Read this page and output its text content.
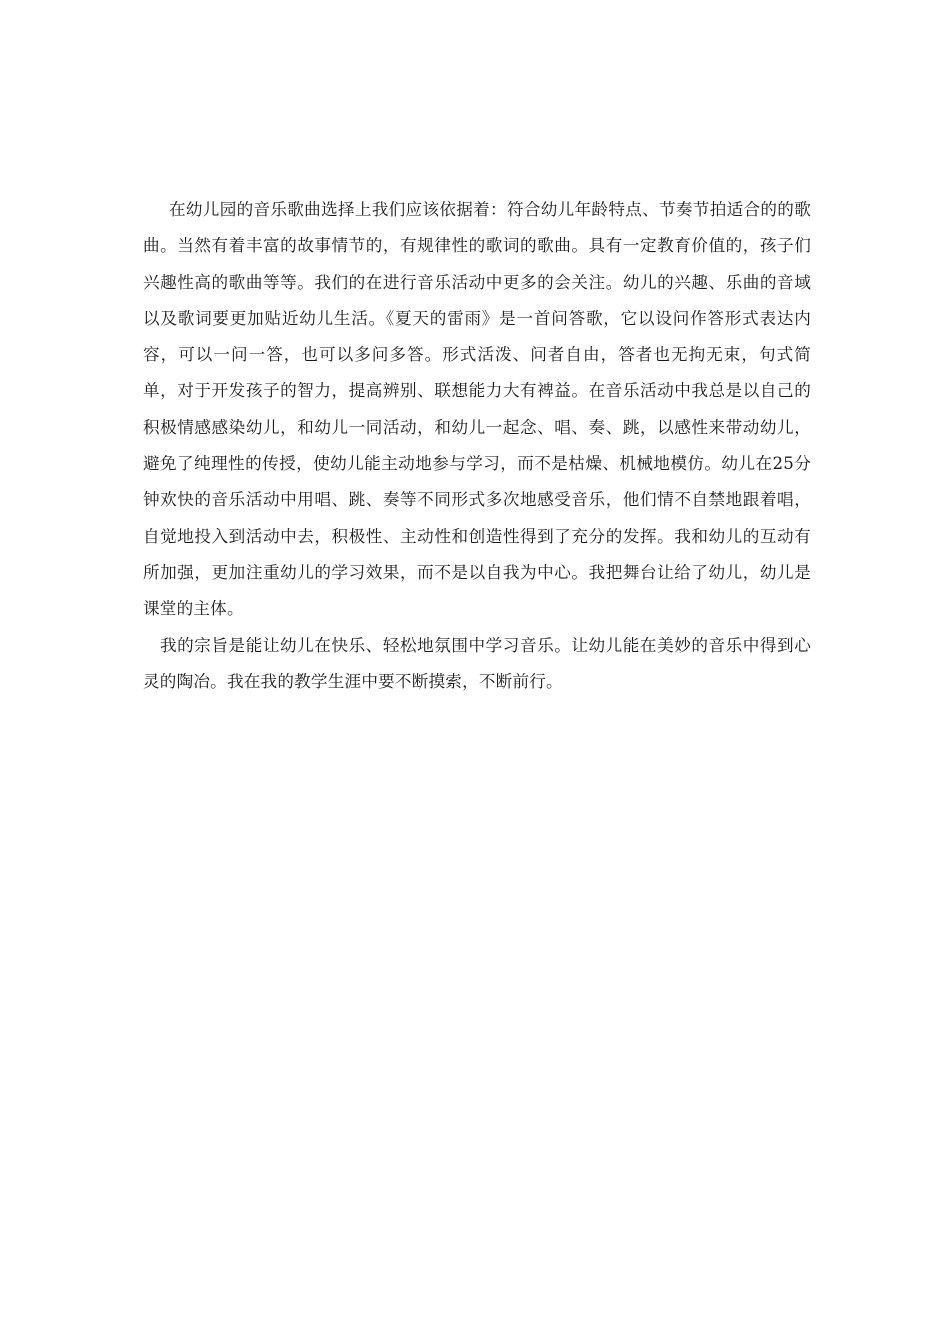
在幼儿园的音乐歌曲选择上我们应该依据着：符合幼儿年龄特点、节奏节拍适合的的歌曲。当然有着丰富的故事情节的，有规律性的歌词的歌曲。具有一定教育价值的，孩子们兴趣性高的歌曲等等。我们的在进行音乐活动中更多的会关注。幼儿的兴趣、乐曲的音域以及歌词要更加贴近幼儿生活。《夏天的雷雨》是一首问答歌，它以设问作答形式表达内容，可以一问一答，也可以多问多答。形式活泼、问者自由，答者也无拘无束，句式简单，对于开发孩子的智力，提高辨别、联想能力大有裨益。在音乐活动中我总是以自己的积极情感感染幼儿，和幼儿一同活动，和幼儿一起念、唱、奏、跳，以感性来带动幼儿，避免了纯理性的传授，使幼儿能主动地参与学习，而不是枯燥、机械地模仿。幼儿在25分钟欢快的音乐活动中用唱、跳、奏等不同形式多次地感受音乐，他们情不自禁地跟着唱，自觉地投入到活动中去，积极性、主动性和创造性得到了充分的发挥。我和幼儿的互动有所加强，更加注重幼儿的学习效果，而不是以自我为中心。我把舞台让给了幼儿，幼儿是课堂的主体。

我的宗旨是能让幼儿在快乐、轻松地氛围中学习音乐。让幼儿能在美妙的音乐中得到心灵的陶冶。我在我的教学生涯中要不断摸索，不断前行。
